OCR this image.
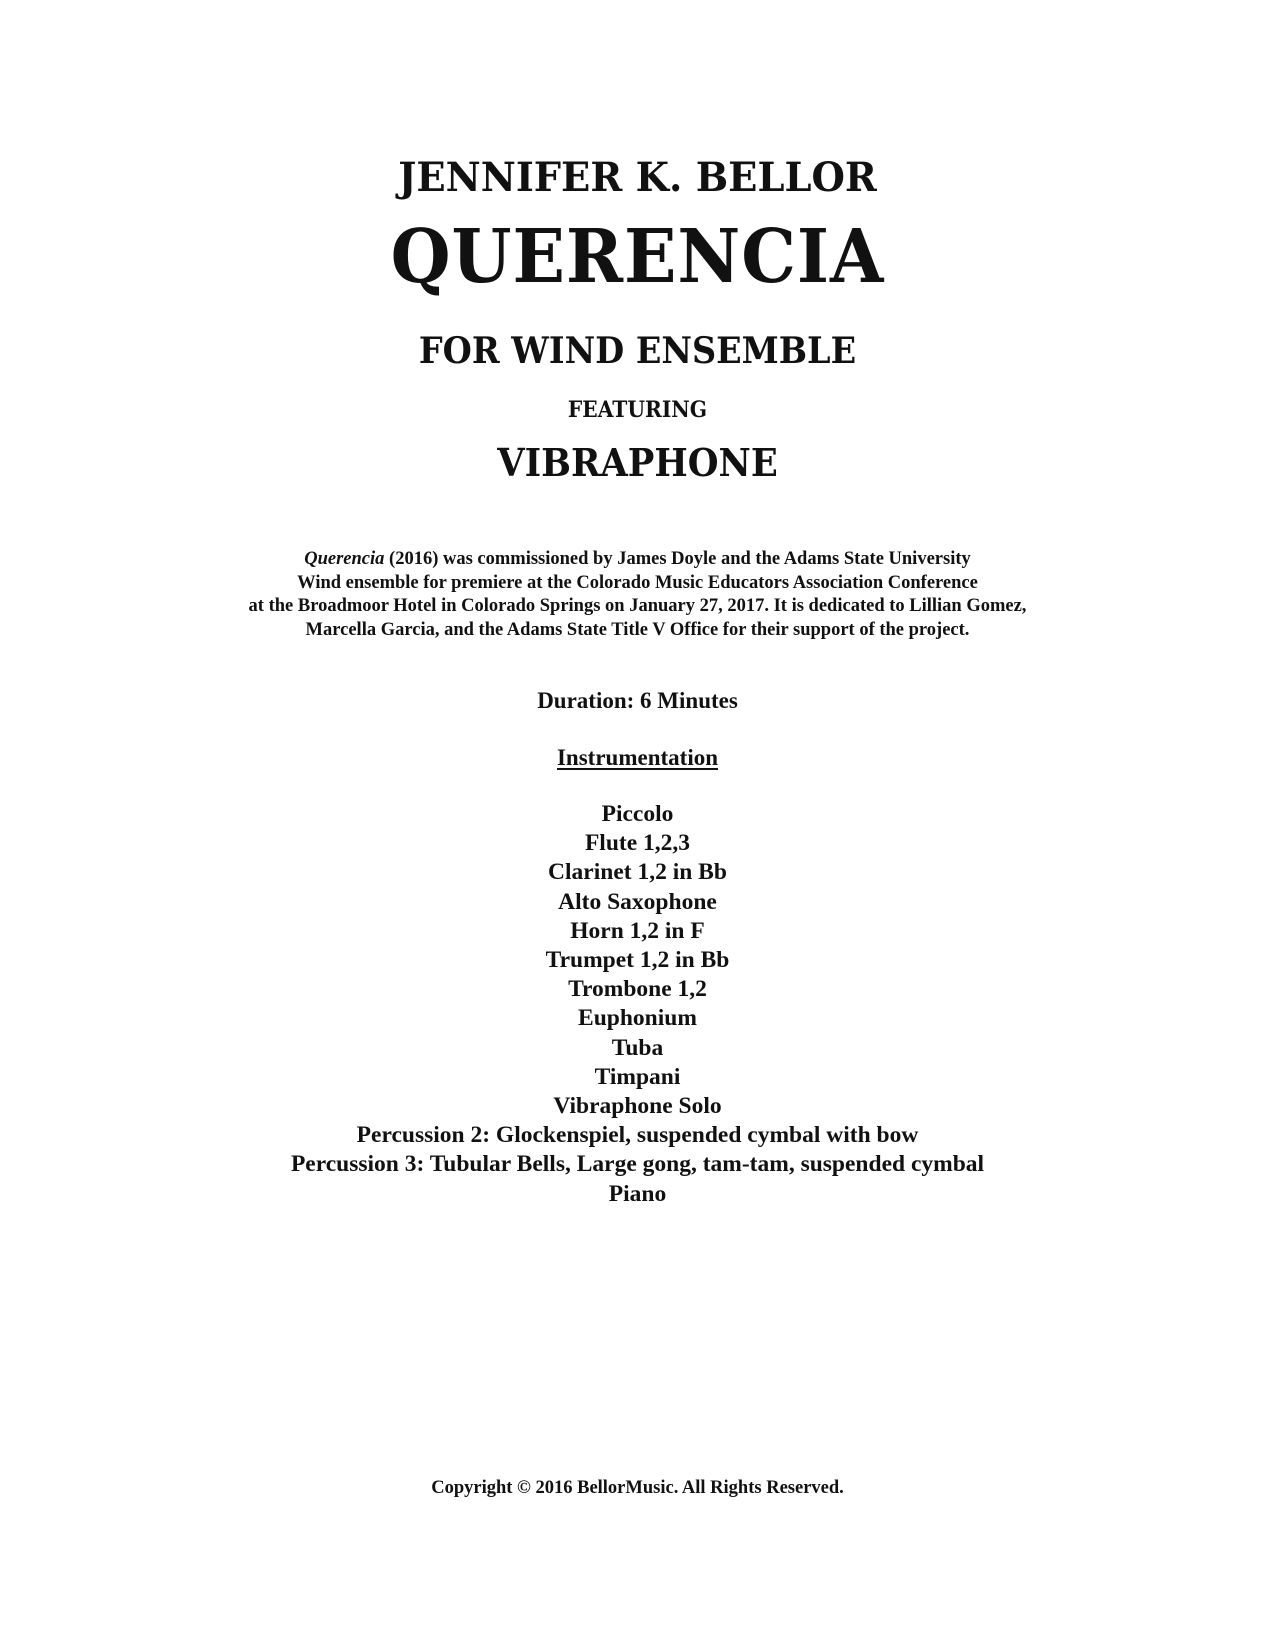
JENNIFER K. BELLOR
QUERENCIA
FOR WIND ENSEMBLE
FEATURING
VIBRAPHONE
Querencia (2016) was commissioned by James Doyle and the Adams State University
Wind ensemble for premiere at the Colorado Music Educators Association Conference
at the Broadmoor Hotel in Colorado Springs on January 27, 2017. It is dedicated to Lillian Gomez,
Marcella Garcia, and the Adams State Title V Office for their support of the project.
Duration: 6 Minutes
Instrumentation
Piccolo
Flute 1,2,3
Clarinet 1,2 in Bb
Alto Saxophone
Horn 1,2 in F
Trumpet 1,2 in Bb
Trombone 1,2
Euphonium
Tuba
Timpani
Vibraphone Solo
Percussion 2: Glockenspiel, suspended cymbal with bow
Percussion 3: Tubular Bells, Large gong, tam-tam, suspended cymbal
Piano
Copyright © 2016 BellorMusic. All Rights Reserved.
